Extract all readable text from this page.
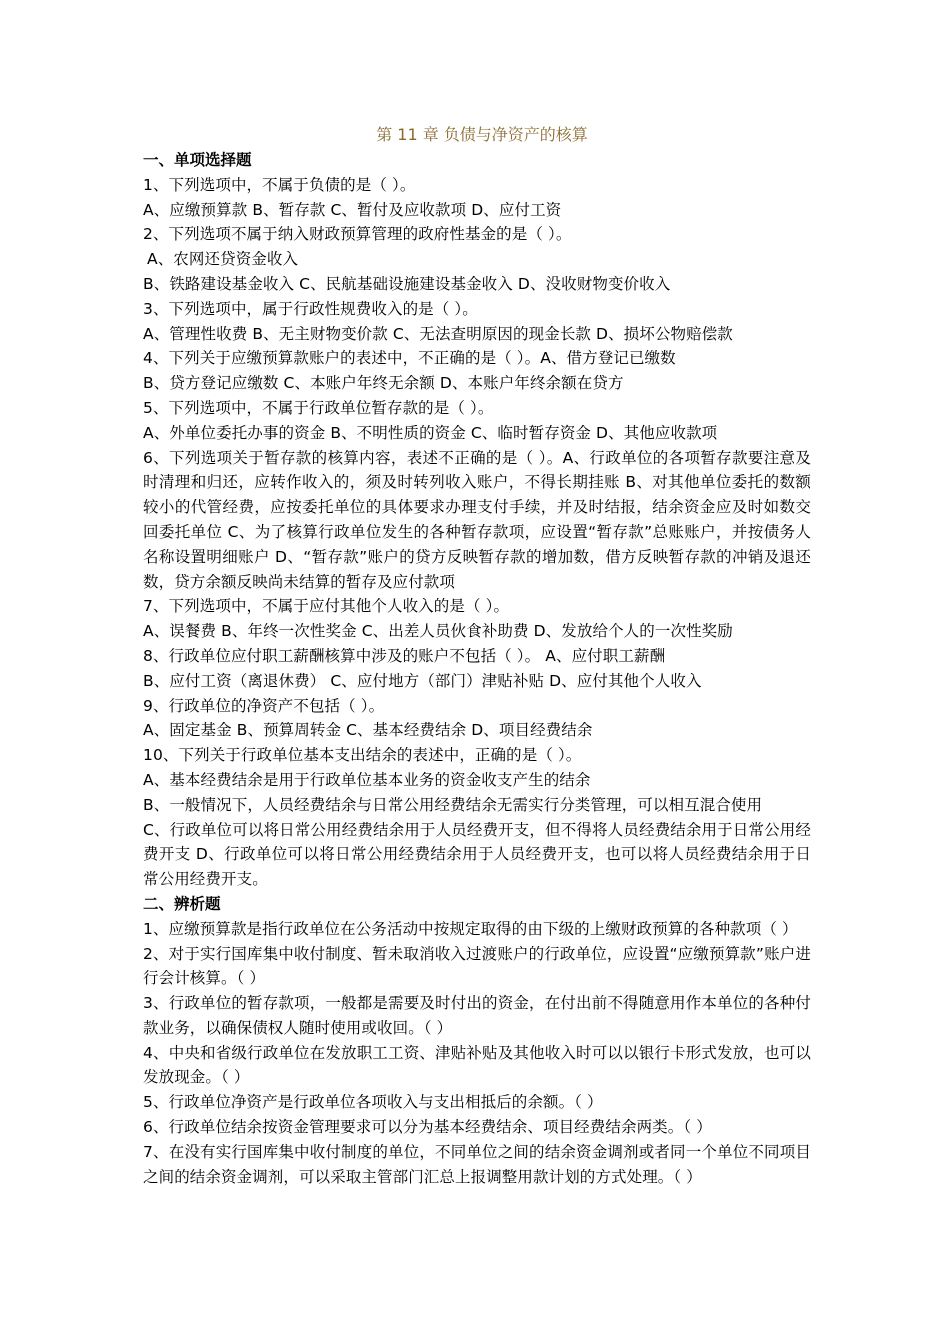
第 11 章 负债与净资产的核算
一、单项选择题
1、下列选项中，不属于负债的是（ ）。
A、应缴预算款 B、暂存款 C、暂付及应收款项 D、应付工资
2、下列选项不属于纳入财政预算管理的政府性基金的是（ ）。
A、农网还贷资金收入
B、铁路建设基金收入 C、民航基础设施建设基金收入 D、没收财物变价收入
3、下列选项中，属于行政性规费收入的是（ ）。
A、管理性收费 B、无主财物变价款 C、无法查明原因的现金长款 D、损坏公物赔偿款
4、下列关于应缴预算款账户的表述中，不正确的是（ ）。A、借方登记已缴数
B、贷方登记应缴数 C、本账户年终无余额 D、本账户年终余额在贷方
5、下列选项中，不属于行政单位暂存款的是（ ）。
A、外单位委托办事的资金 B、不明性质的资金 C、临时暂存资金 D、其他应收款项
6、下列选项关于暂存款的核算内容，表述不正确的是（ ）。A、行政单位的各项暂存款要注意及时清理和归还，应转作收入的，须及时转列收入账户，不得长期挂账 B、对其他单位委托的数额较小的代管经费，应按委托单位的具体要求办理支付手续，并及时结报，结余资金应及时如数交回委托单位 C、为了核算行政单位发生的各种暂存款项，应设置“暂存款”总账账户，并按债务人名称设置明细账户 D、“暂存款”账户的贷方反映暂存款的增加数，借方反映暂存款的冲销及退还数，贷方余额反映尚未结算的暂存及应付款项
7、下列选项中，不属于应付其他个人收入的是（ ）。
A、误餐费 B、年终一次性奖金 C、出差人员伙食补助费 D、发放给个人的一次性奖励
8、行政单位应付职工薪酬核算中涉及的账户不包括（ ）。 A、应付职工薪酬
B、应付工资（离退休费） C、应付地方（部门）津贴补贴 D、应付其他个人收入
9、行政单位的净资产不包括（ ）。
A、固定基金 B、预算周转金 C、基本经费结余 D、项目经费结余
10、下列关于行政单位基本支出结余的表述中，正确的是（ ）。
A、基本经费结余是用于行政单位基本业务的资金收支产生的结余
B、一般情况下，人员经费结余与日常公用经费结余无需实行分类管理，可以相互混合使用
C、行政单位可以将日常公用经费结余用于人员经费开支，但不得将人员经费结余用于日常公用经费开支 D、行政单位可以将日常公用经费结余用于人员经费开支，也可以将人员经费结余用于日常公用经费开支。
二、辨析题
1、应缴预算款是指行政单位在公务活动中按规定取得的由下级的上缴财政预算的各种款项（ ）
2、对于实行国库集中收付制度、暂未取消收入过渡账户的行政单位，应设置“应缴预算款”账户进行会计核算。（ ）
3、行政单位的暂存款项，一般都是需要及时付出的资金，在付出前不得随意用作本单位的各种付款业务，以确保债权人随时使用或收回。（ ）
4、中央和省级行政单位在发放职工工资、津贴补贴及其他收入时可以以银行卡形式发放，也可以发放现金。（ ）
5、行政单位净资产是行政单位各项收入与支出相抵后的余额。（ ）
6、行政单位结余按资金管理要求可以分为基本经费结余、项目经费结余两类。（ ）
7、在没有实行国库集中收付制度的单位，不同单位之间的结余资金调剂或者同一个单位不同项目之间的结余资金调剂，可以采取主管部门汇总上报调整用款计划的方式处理。（ ）
